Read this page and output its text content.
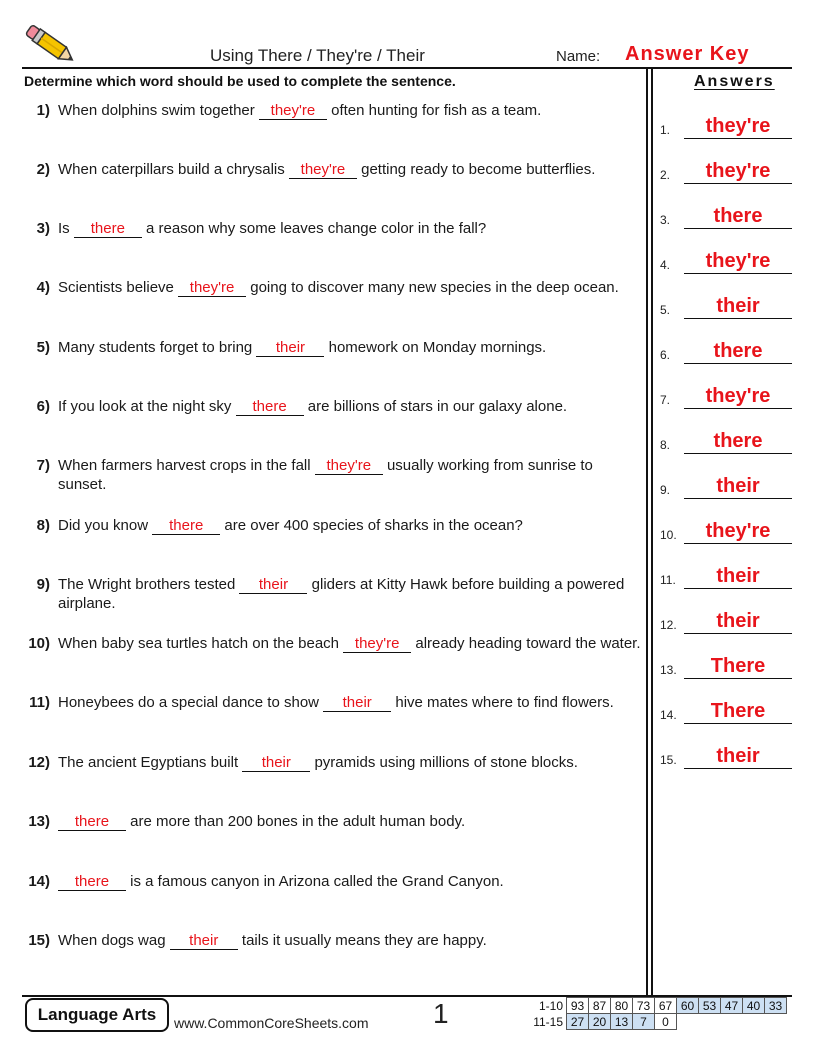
Using There / They're / Their	Name: Answer Key
Determine which word should be used to complete the sentence.	Answers
1) When dolphins swim together they're often hunting for fish as a team.
2) When caterpillars build a chrysalis they're getting ready to become butterflies.
3) Is there a reason why some leaves change color in the fall?
4) Scientists believe they're going to discover many new species in the deep ocean.
5) Many students forget to bring their homework on Monday mornings.
6) If you look at the night sky there are billions of stars in our galaxy alone.
7) When farmers harvest crops in the fall they're usually working from sunrise to sunset.
8) Did you know there are over 400 species of sharks in the ocean?
9) The Wright brothers tested their gliders at Kitty Hawk before building a powered airplane.
10) When baby sea turtles hatch on the beach they're already heading toward the water.
11) Honeybees do a special dance to show their hive mates where to find flowers.
12) The ancient Egyptians built their pyramids using millions of stone blocks.
13)	there are more than 200 bones in the adult human body.
14)	there is a famous canyon in Arizona called the Grand Canyon.
15) When dogs wag their tails it usually means they are happy.
1.	they're
2.	they're
3.	there
4.	they're
5.	their
6.	there
7.	they're
8.	there
9.	their
10.	they're
11.	their
12.	their
13.	There
14.	There
15.	their
Language Arts	www.CommonCoreSheets.com 1	1-10	93	87	80	73	67	60	53	47	40	33
11-15	27	20	13	7	0					
